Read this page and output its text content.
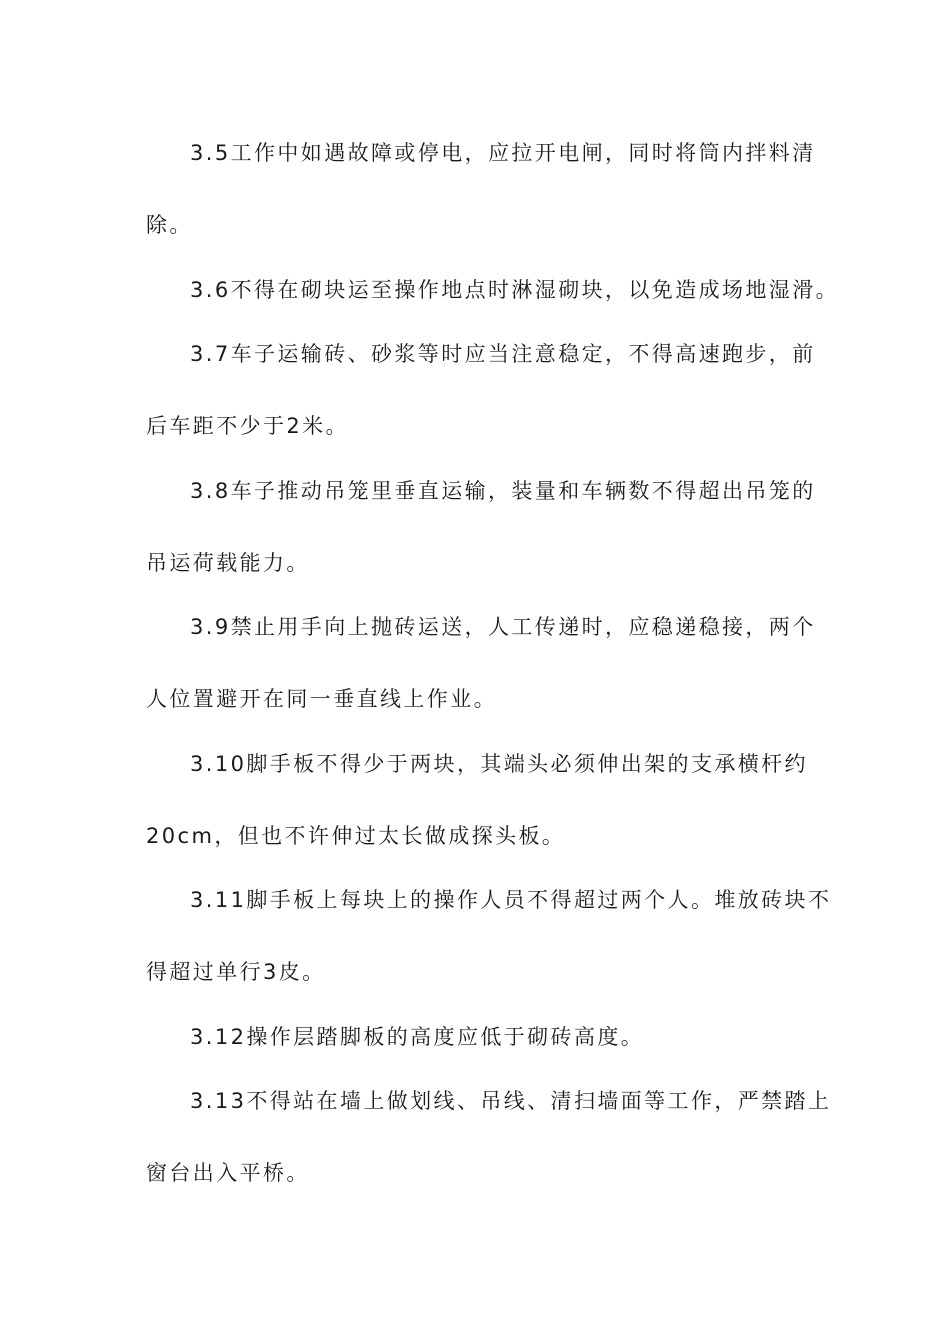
3.5工作中如遇故障或停电，应拉开电闸，同时将筒内拌料清
除。
3.6不得在砌块运至操作地点时淋湿砌块，以免造成场地湿滑。
3.7车子运输砖、砂浆等时应当注意稳定，不得高速跑步，前
后车距不少于2米。
3.8车子推动吊笼里垂直运输，装量和车辆数不得超出吊笼的
吊运荷载能力。
3.9禁止用手向上抛砖运送，人工传递时，应稳递稳接，两个
人位置避开在同一垂直线上作业。
3.10脚手板不得少于两块，其端头必须伸出架的支承横杆约
20cm，但也不许伸过太长做成探头板。
3.11脚手板上每块上的操作人员不得超过两个人。堆放砖块不
得超过单行3皮。
3.12操作层踏脚板的高度应低于砌砖高度。
3.13不得站在墙上做划线、吊线、清扫墙面等工作，严禁踏上
窗台出入平桥。
